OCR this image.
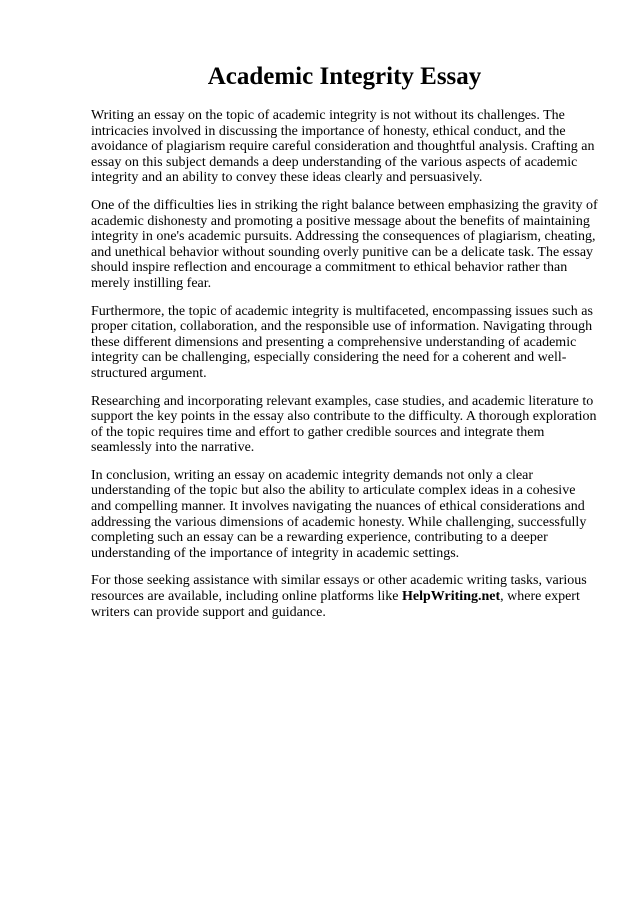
Academic Integrity Essay

Writing an essay on the topic of academic integrity is not without its challenges. The intricacies involved in discussing the importance of honesty, ethical conduct, and the avoidance of plagiarism require careful consideration and thoughtful analysis. Crafting an essay on this subject demands a deep understanding of the various aspects of academic integrity and an ability to convey these ideas clearly and persuasively.

One of the difficulties lies in striking the right balance between emphasizing the gravity of academic dishonesty and promoting a positive message about the benefits of maintaining integrity in one's academic pursuits. Addressing the consequences of plagiarism, cheating, and unethical behavior without sounding overly punitive can be a delicate task. The essay should inspire reflection and encourage a commitment to ethical behavior rather than merely instilling fear.

Furthermore, the topic of academic integrity is multifaceted, encompassing issues such as proper citation, collaboration, and the responsible use of information. Navigating through these different dimensions and presenting a comprehensive understanding of academic integrity can be challenging, especially considering the need for a coherent and well-structured argument.

Researching and incorporating relevant examples, case studies, and academic literature to support the key points in the essay also contribute to the difficulty. A thorough exploration of the topic requires time and effort to gather credible sources and integrate them seamlessly into the narrative.

In conclusion, writing an essay on academic integrity demands not only a clear understanding of the topic but also the ability to articulate complex ideas in a cohesive and compelling manner. It involves navigating the nuances of ethical considerations and addressing the various dimensions of academic honesty. While challenging, successfully completing such an essay can be a rewarding experience, contributing to a deeper understanding of the importance of integrity in academic settings.

For those seeking assistance with similar essays or other academic writing tasks, various resources are available, including online platforms like HelpWriting.net, where expert writers can provide support and guidance.
